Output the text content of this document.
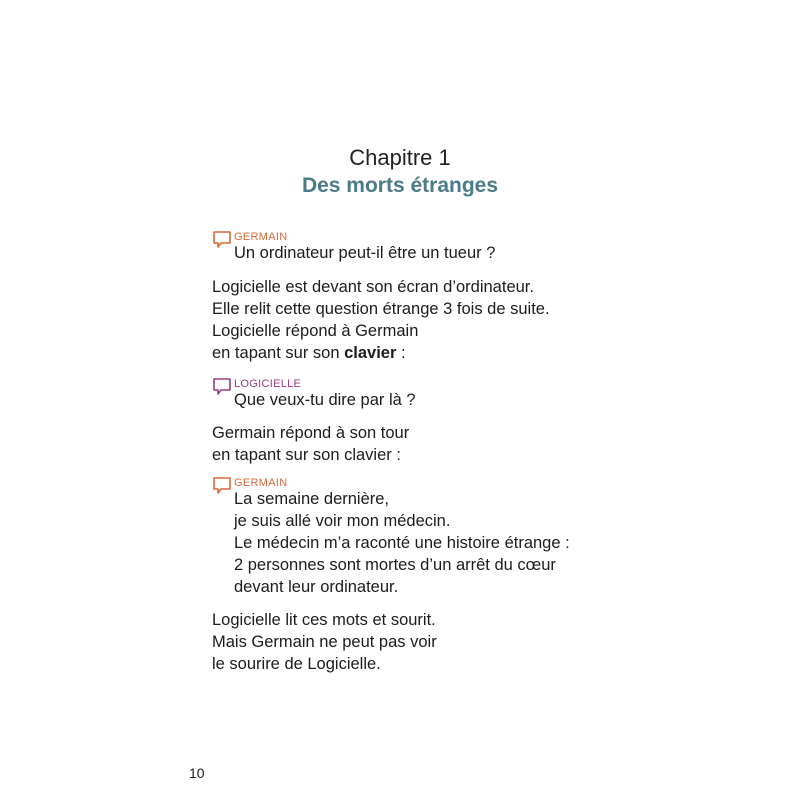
Chapitre 1
Des morts étranges
GERMAIN
Un ordinateur peut-il être un tueur ?
Logicielle est devant son écran d’ordinateur.
Elle relit cette question étrange 3 fois de suite.
Logicielle répond à Germain
en tapant sur son clavier :
LOGICIELLE
Que veux-tu dire par là ?
Germain répond à son tour
en tapant sur son clavier :
GERMAIN
La semaine dernière,
je suis allé voir mon médecin.
Le médecin m’a raconté une histoire étrange :
2 personnes sont mortes d’un arrêt du cœur
devant leur ordinateur.
Logicielle lit ces mots et sourit.
Mais Germain ne peut pas voir
le sourire de Logicielle.
10
